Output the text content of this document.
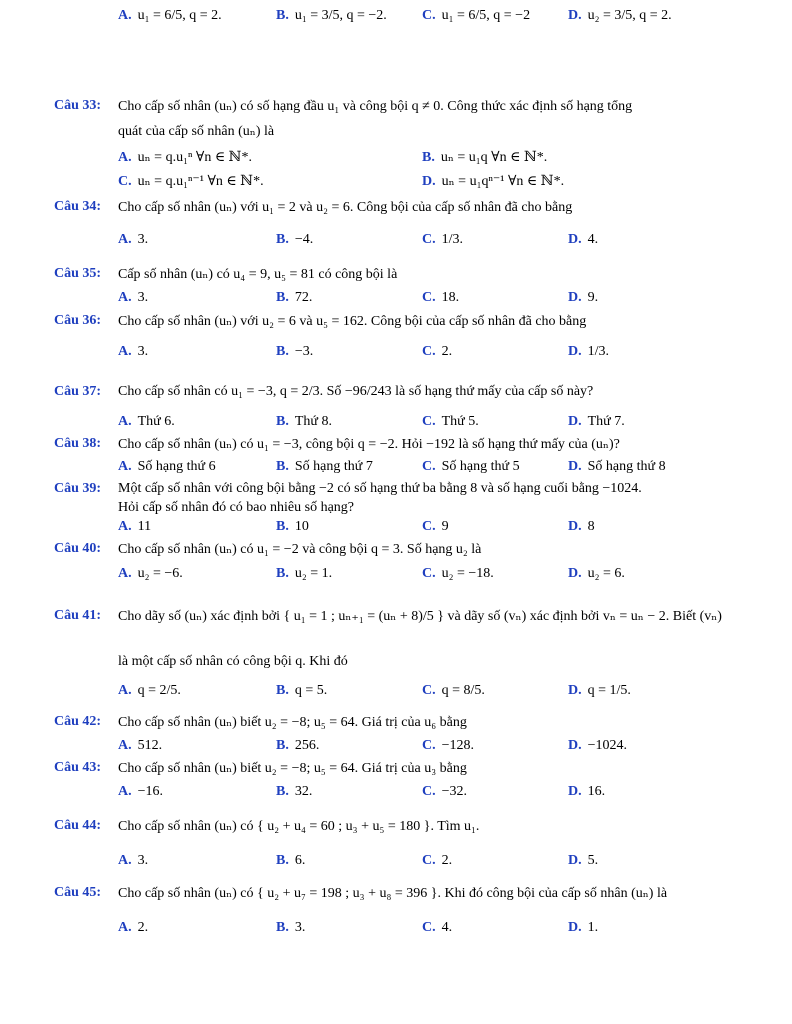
A. u₁ = 6/5, q = 2.	B. u₁ = 3/5, q = −2.	C. u₁ = 6/5, q = −2	D. u₂ = 3/5, q = 2.
Câu 33: Cho cấp số nhân (uₙ) có số hạng đầu u₁ và công bội q ≠ 0. Công thức xác định số hạng tổng
quát của cấp số nhân (uₙ) là
A. uₙ = q.u₁ⁿ ∀n ∈ ℕ*.	B. uₙ = u₁q ∀n ∈ ℕ*.
C. uₙ = q.u₁ⁿ⁻¹ ∀n ∈ ℕ*.	D. uₙ = u₁qⁿ⁻¹ ∀n ∈ ℕ*.
Câu 34: Cho cấp số nhân (uₙ) với u₁ = 2 và u₂ = 6. Công bội của cấp số nhân đã cho bằng
A. 3.	B. −4.	C. 1/3.	D. 4.
Câu 35: Cấp số nhân (uₙ) có u₄ = 9, u₅ = 81 có công bội là
A. 3.	B. 72.	C. 18.	D. 9.
Câu 36: Cho cấp số nhân (uₙ) với u₂ = 6 và u₅ = 162. Công bội của cấp số nhân đã cho bằng
A. 3.	B. −3.	C. 2.	D. 1/3.
Câu 37: Cho cấp số nhân có u₁ = −3, q = 2/3. Số −96/243 là số hạng thứ mấy của cấp số này?
A. Thứ 6.	B. Thứ 8.	C. Thứ 5.	D. Thứ 7.
Câu 38: Cho cấp số nhân (uₙ) có u₁ = −3, công bội q = −2. Hỏi −192 là số hạng thứ mấy của (uₙ)?
A. Số hạng thứ 6	B. Số hạng thứ 7	C. Số hạng thứ 5	D. Số hạng thứ 8
Câu 39: Một cấp số nhân với công bội bằng −2 có số hạng thứ ba bằng 8 và số hạng cuối bằng −1024.
Hỏi cấp số nhân đó có bao nhiêu số hạng?
A. 11	B. 10	C. 9	D. 8
Câu 40: Cho cấp số nhân (uₙ) có u₁ = −2 và công bội q = 3. Số hạng u₂ là
A. u₂ = −6.	B. u₂ = 1.	C. u₂ = −18.	D. u₂ = 6.
Câu 41: Cho dãy số (uₙ) xác định bởi { u₁ = 1 ; uₙ₊₁ = (uₙ + 8)/5 } và dãy số (vₙ) xác định bởi vₙ = uₙ − 2. Biết (vₙ)
là một cấp số nhân có công bội q. Khi đó
A. q = 2/5.	B. q = 5.	C. q = 8/5.	D. q = 1/5.
Câu 42: Cho cấp số nhân (uₙ) biết u₂ = −8; u₅ = 64. Giá trị của u₆ bằng
A. 512.	B. 256.	C. −128.	D. −1024.
Câu 43: Cho cấp số nhân (uₙ) biết u₂ = −8; u₅ = 64. Giá trị của u₃ bằng
A. −16.	B. 32.	C. −32.	D. 16.
Câu 44: Cho cấp số nhân (uₙ) có { u₂ + u₄ = 60 ; u₃ + u₅ = 180 }. Tìm u₁.
A. 3.	B. 6.	C. 2.	D. 5.
Câu 45: Cho cấp số nhân (uₙ) có { u₂ + u₇ = 198 ; u₃ + u₈ = 396 }. Khi đó công bội của cấp số nhân (uₙ) là
A. 2.	B. 3.	C. 4.	D. 1.
